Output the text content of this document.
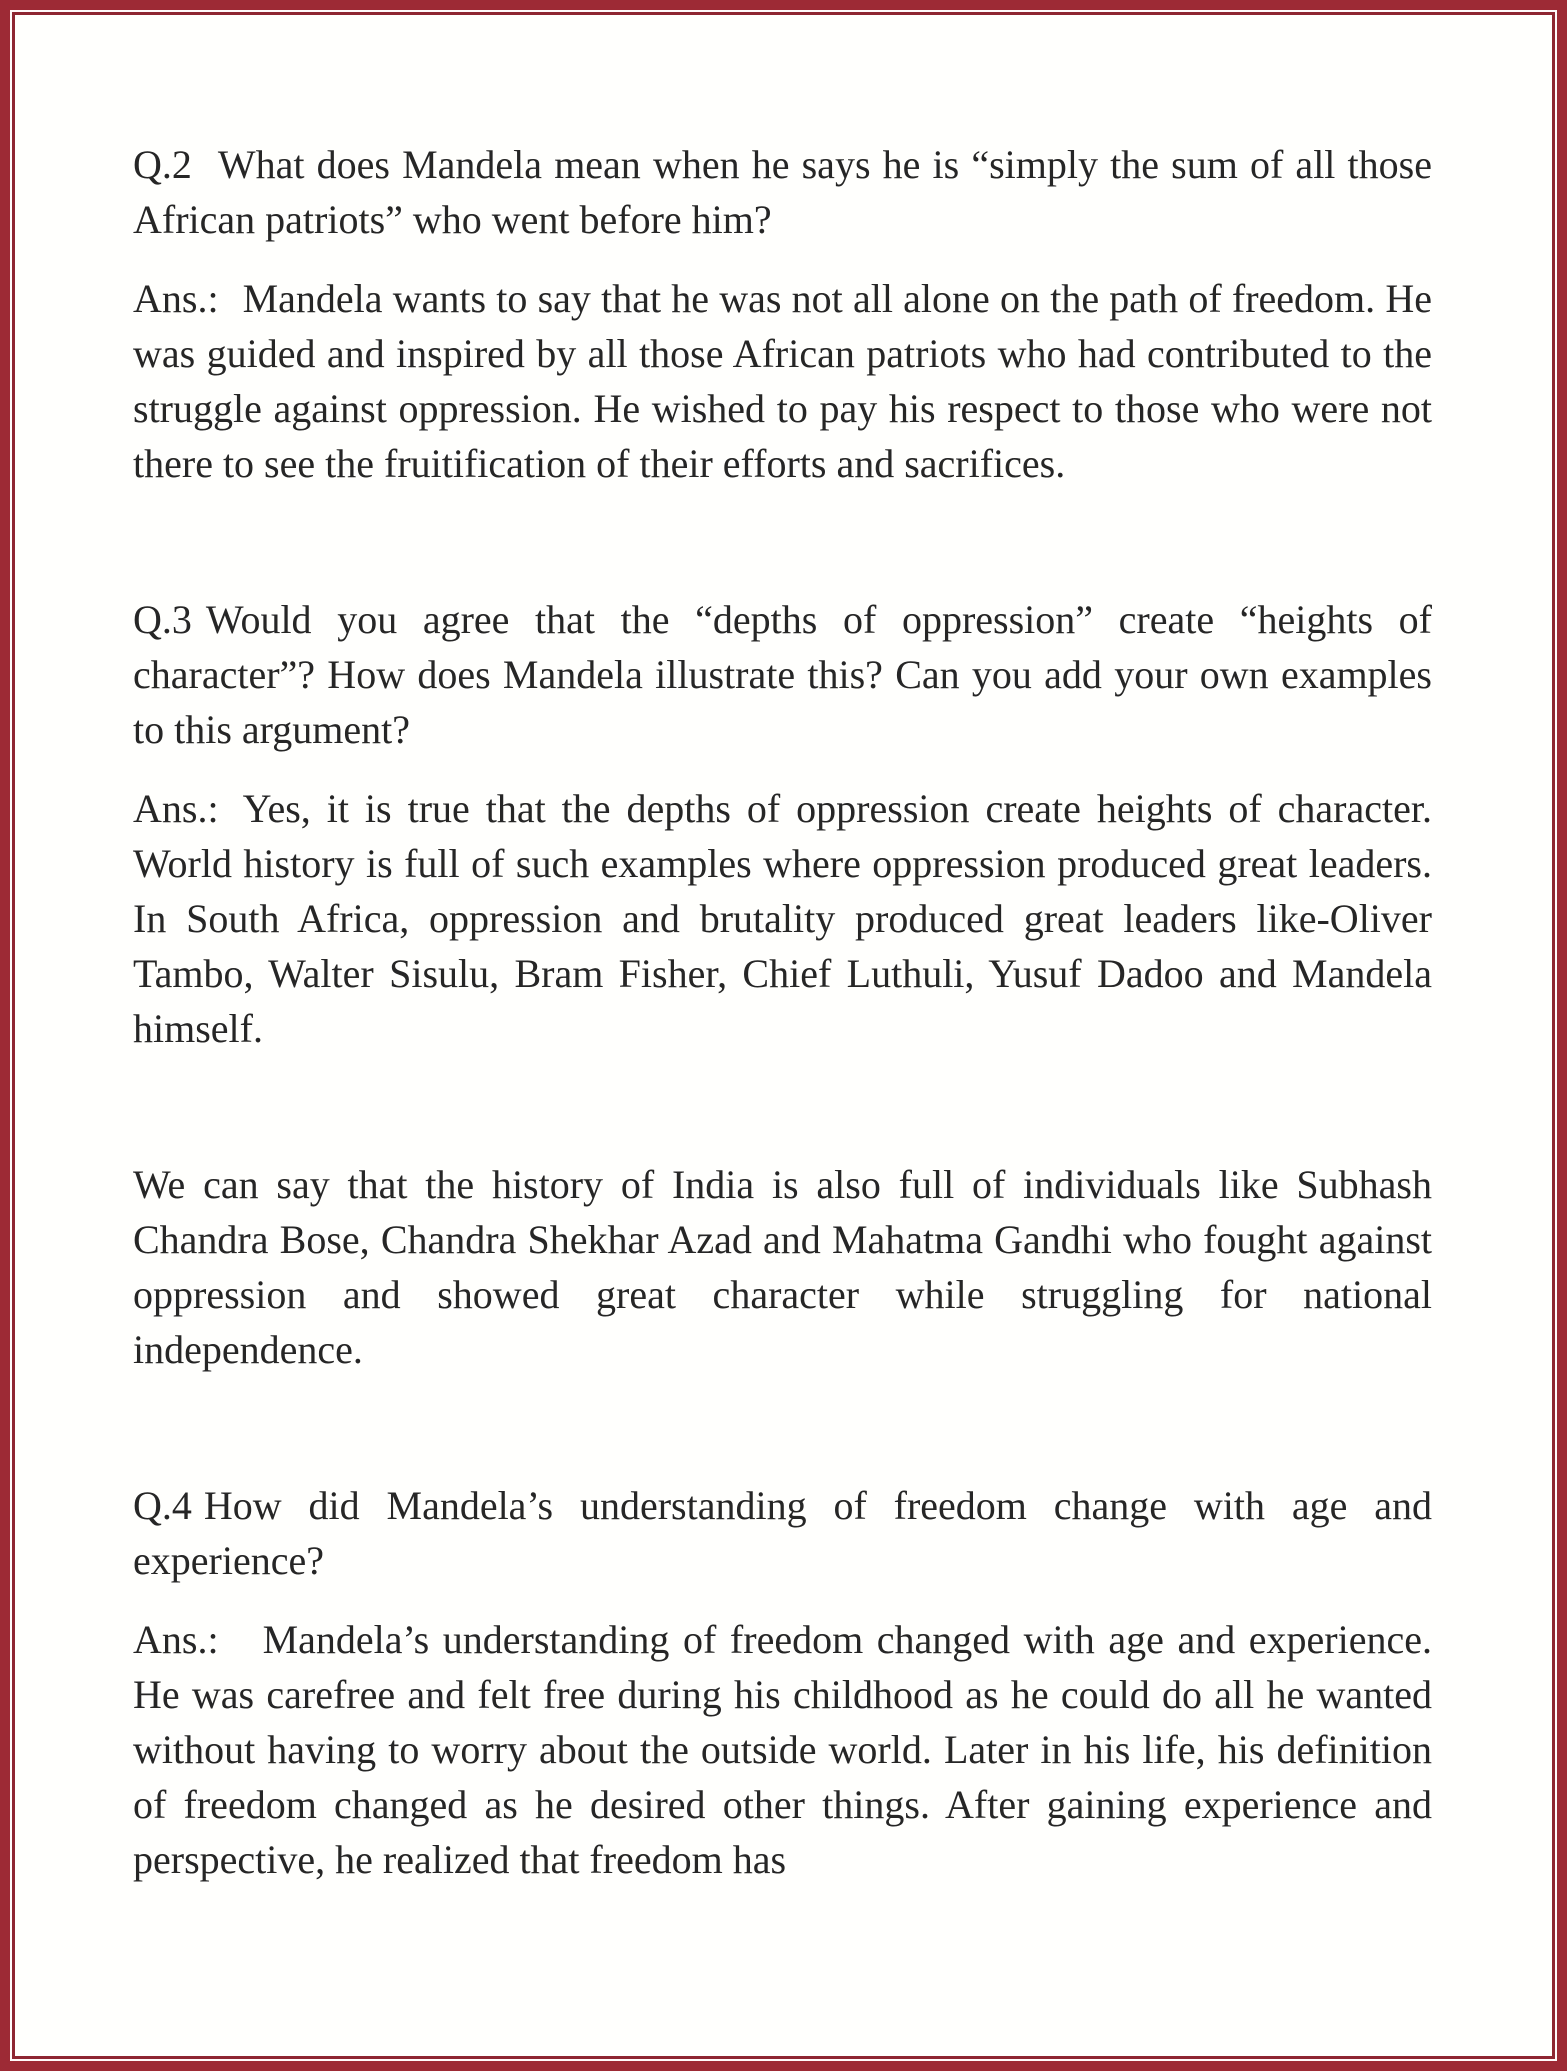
Q.2 What does Mandela mean when he says he is “simply the sum of all those African patriots” who went before him?

Ans.: Mandela wants to say that he was not all alone on the path of freedom. He was guided and inspired by all those African patriots who had contributed to the struggle against oppression. He wished to pay his respect to those who were not there to see the fruitification of their efforts and sacrifices.

Q.3 Would you agree that the “depths of oppression” create “heights of character”? How does Mandela illustrate this? Can you add your own examples to this argument?

Ans.: Yes, it is true that the depths of oppression create heights of character. World history is full of such examples where oppression produced great leaders. In South Africa, oppression and brutality produced great leaders like-Oliver Tambo, Walter Sisulu, Bram Fisher, Chief Luthuli, Yusuf Dadoo and Mandela himself.

We can say that the history of India is also full of individuals like Subhash Chandra Bose, Chandra Shekhar Azad and Mahatma Gandhi who fought against oppression and showed great character while struggling for national independence.

Q.4 How did Mandela’s understanding of freedom change with age and experience?

Ans.: Mandela’s understanding of freedom changed with age and experience. He was carefree and felt free during his childhood as he could do all he wanted without having to worry about the outside world. Later in his life, his definition of freedom changed as he desired other things. After gaining experience and perspective, he realized that freedom has
